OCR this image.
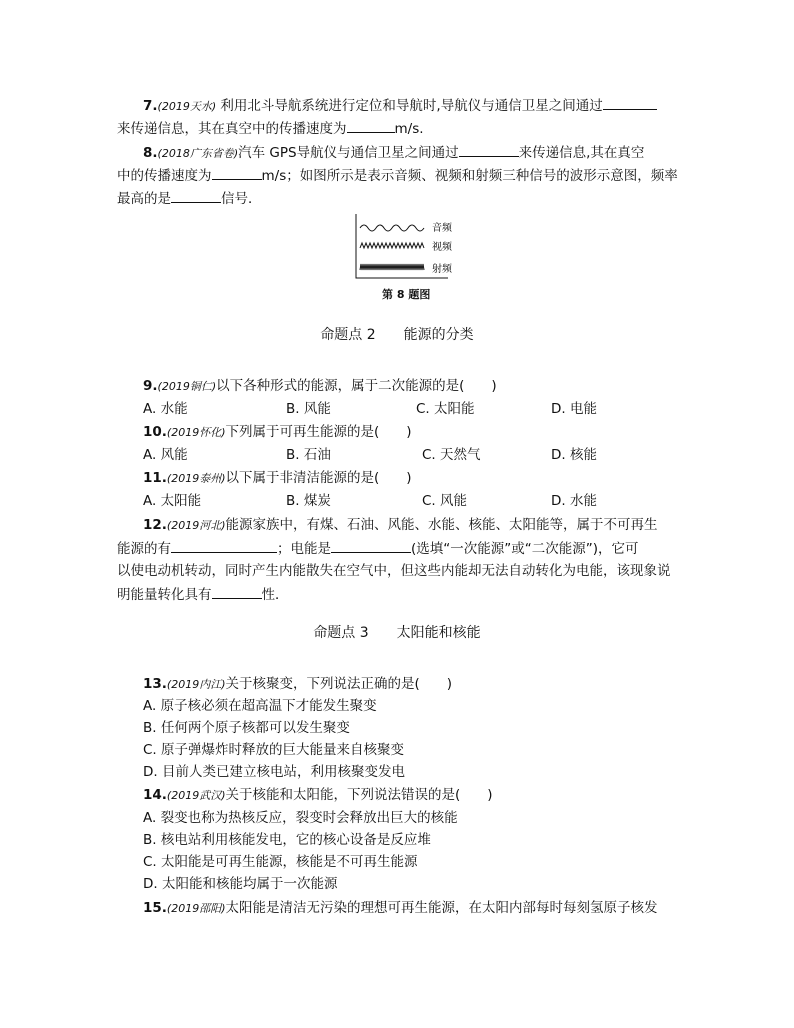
7.(2019天水) 利用北斗导航系统进行定位和导航时,导航仪与通信卫星之间通过
来传递信息，其在真空中的传播速度为	m/s.
8.(2018广东省卷)汽车 GPS导航仪与通信卫星之间通过	来传递信息,其在真空
中的传播速度为	m/s；如图所示是表示音频、视频和射频三种信号的波形示意图，频率
最高的是	信号．
音频
视频
射频
第 8 题图
命题点 2 能源的分类
9.(2019铜仁)以下各种形式的能源，属于二次能源的是(　　)
A. 水能	B. 风能	C. 太阳能	D. 电能
10.(2019怀化)下列属于可再生能源的是(　　)
A. 风能	B. 石油	C. 天然气	D. 核能
11.(2019泰州)以下属于非清洁能源的是(　　)
A. 太阳能	B. 煤炭	C. 风能	D. 水能
12.(2019河北)能源家族中，有煤、石油、风能、水能、核能、太阳能等，属于不可再生
能源的有	；电能是	(选填“一次能源”或“二次能源”)，它可
以使电动机转动，同时产生内能散失在空气中，但这些内能却无法自动转化为电能，该现象说
明能量转化具有	性．
命题点 3 太阳能和核能
13.(2019内江)关于核聚变，下列说法正确的是(　　)
A. 原子核必须在超高温下才能发生聚变
B. 任何两个原子核都可以发生聚变
C. 原子弹爆炸时释放的巨大能量来自核聚变
D. 目前人类已建立核电站，利用核聚变发电
14.(2019武汉)关于核能和太阳能，下列说法错误的是(　　)
A. 裂变也称为热核反应，裂变时会释放出巨大的核能
B. 核电站利用核能发电，它的核心设备是反应堆
C. 太阳能是可再生能源，核能是不可再生能源
D. 太阳能和核能均属于一次能源
15.(2019邵阳)太阳能是清洁无污染的理想可再生能源，在太阳内部每时每刻氢原子核发
